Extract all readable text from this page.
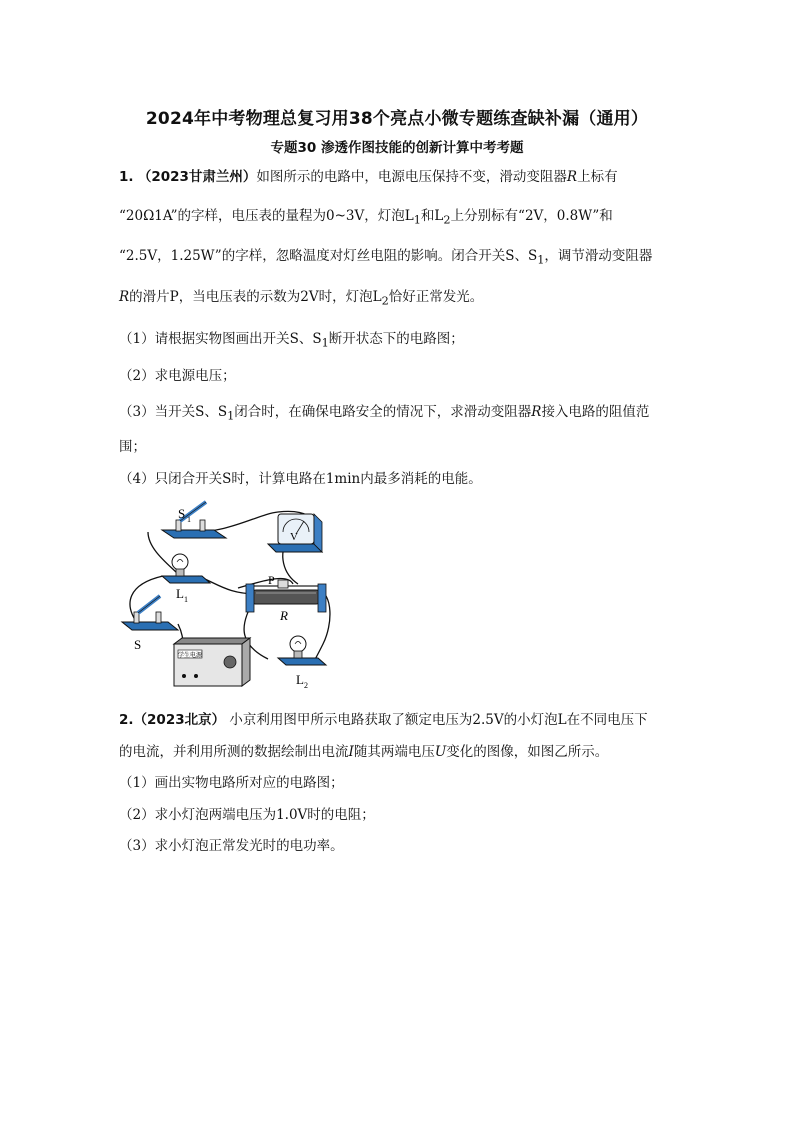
2024年中考物理总复习用38个亮点小微专题练查缺补漏（通用）
专题30 渗透作图技能的创新计算中考考题
1. （2023甘肃兰州）如图所示的电路中，电源电压保持不变，滑动变阻器R上标有
“20Ω1A”的字样，电压表的量程为0~3V，灯泡$L_1$和$L_2$上分别标有“2V，0.8W”和
“2.5V，1.25W”的字样，忽略温度对灯丝电阻的影响。闭合开关S、$S_1$，调节滑动变阻器
R的滑片P，当电压表的示数为2V时，灯泡$L_2$恰好正常发光。
（1）请根据实物图画出开关S、$S_1$断开状态下的电路图；
（2）求电源电压；
（3）当开关S、$S_1$闭合时，在确保电路安全的情况下，求滑动变阻器R接入电路的阻值范
围；
（4）只闭合开关S时，计算电路在1min内最多消耗的电能。
S 1
V
L 1
P
R
S
学生电源
L 2
2.（2023北京） 小京利用图甲所示电路获取了额定电压为2.5V的小灯泡L在不同电压下
的电流，并利用所测的数据绘制出电流I随其两端电压U变化的图像，如图乙所示。
（1）画出实物电路所对应的电路图；
（2）求小灯泡两端电压为1.0V时的电阻；
（3）求小灯泡正常发光时的电功率。
